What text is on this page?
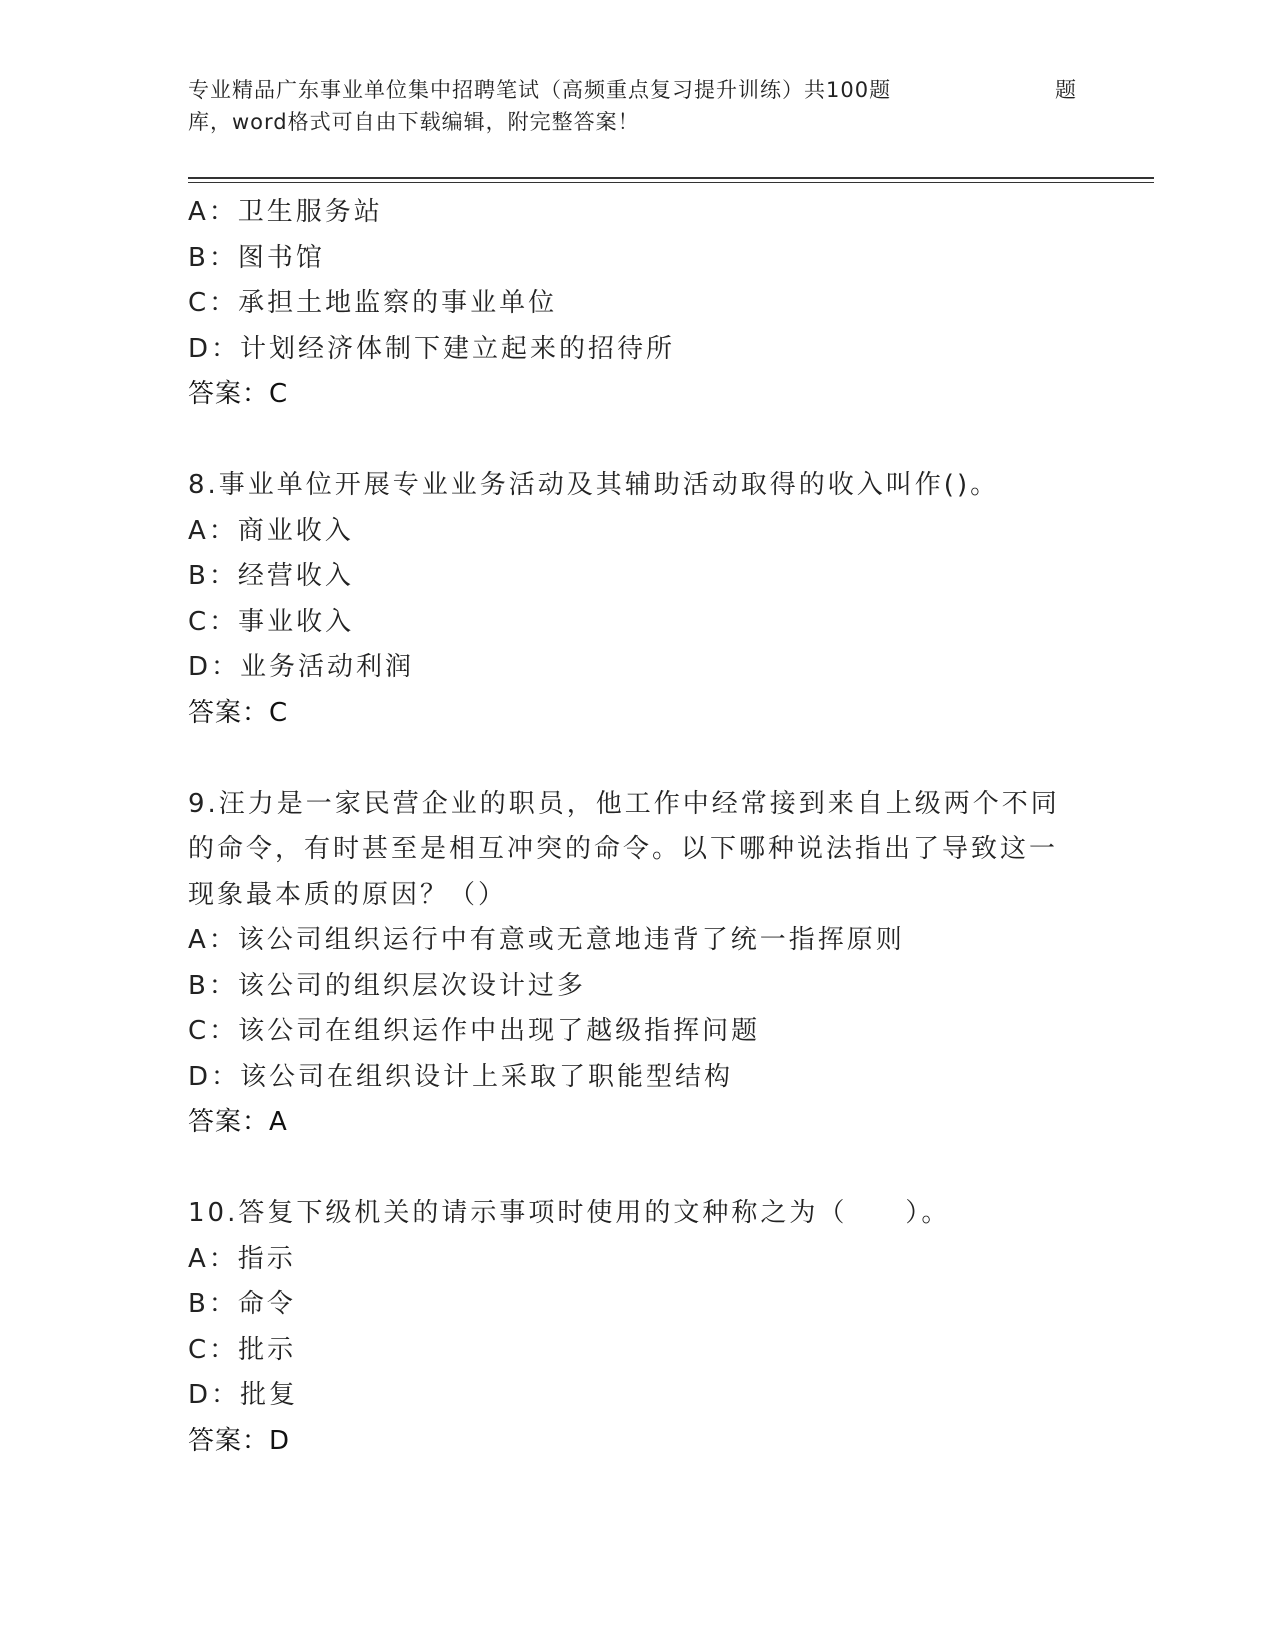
专业精品广东事业单位集中招聘笔试（高频重点复习提升训练）共100题
库，word格式可自由下载编辑，附完整答案！
题
A：卫生服务站
B：图书馆
C：承担土地监察的事业单位
D：计划经济体制下建立起来的招待所
答案：C
8.事业单位开展专业业务活动及其辅助活动取得的收入叫作()。
A：商业收入
B：经营收入
C：事业收入
D：业务活动利润
答案：C
9.汪力是一家民营企业的职员，他工作中经常接到来自上级两个不同
的命令，有时甚至是相互冲突的命令。以下哪种说法指出了导致这一
现象最本质的原因？（）
A：该公司组织运行中有意或无意地违背了统一指挥原则
B：该公司的组织层次设计过多
C：该公司在组织运作中出现了越级指挥问题
D：该公司在组织设计上采取了职能型结构
答案：A
10.答复下级机关的请示事项时使用的文种称之为（　　）。
A：指示
B：命令
C：批示
D：批复
答案：D
